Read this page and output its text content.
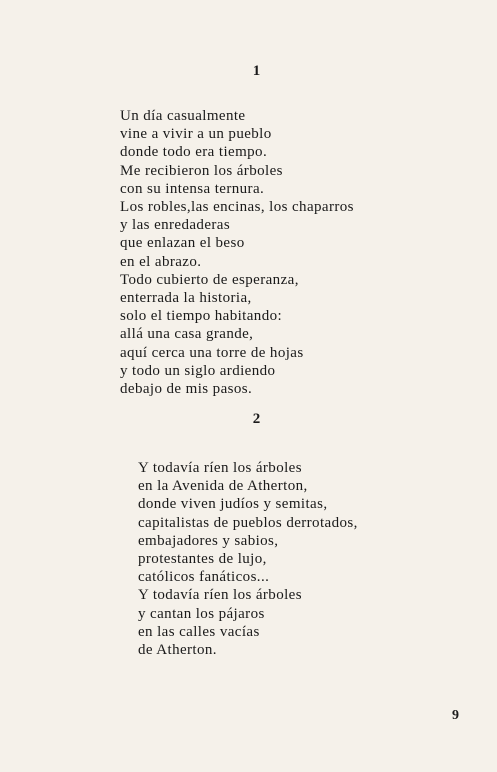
1
Un día casualmente
vine a vivir a un pueblo
donde todo era tiempo.
Me recibieron los árboles
con su intensa ternura.
Los robles,las encinas, los chaparros
y las enredaderas
que enlazan el beso
en el abrazo.
Todo cubierto de esperanza,
enterrada la historia,
solo el tiempo habitando:
allá una casa grande,
aquí cerca una torre de hojas
y todo un siglo ardiendo
debajo de mis pasos.
2
Y todavía ríen los árboles
en la Avenida de Atherton,
donde viven judíos y semitas,
capitalistas de pueblos derrotados,
embajadores y sabios,
protestantes de lujo,
católicos fanáticos...
Y todavía ríen los árboles
y cantan los pájaros
en las calles vacías
de Atherton.
9
